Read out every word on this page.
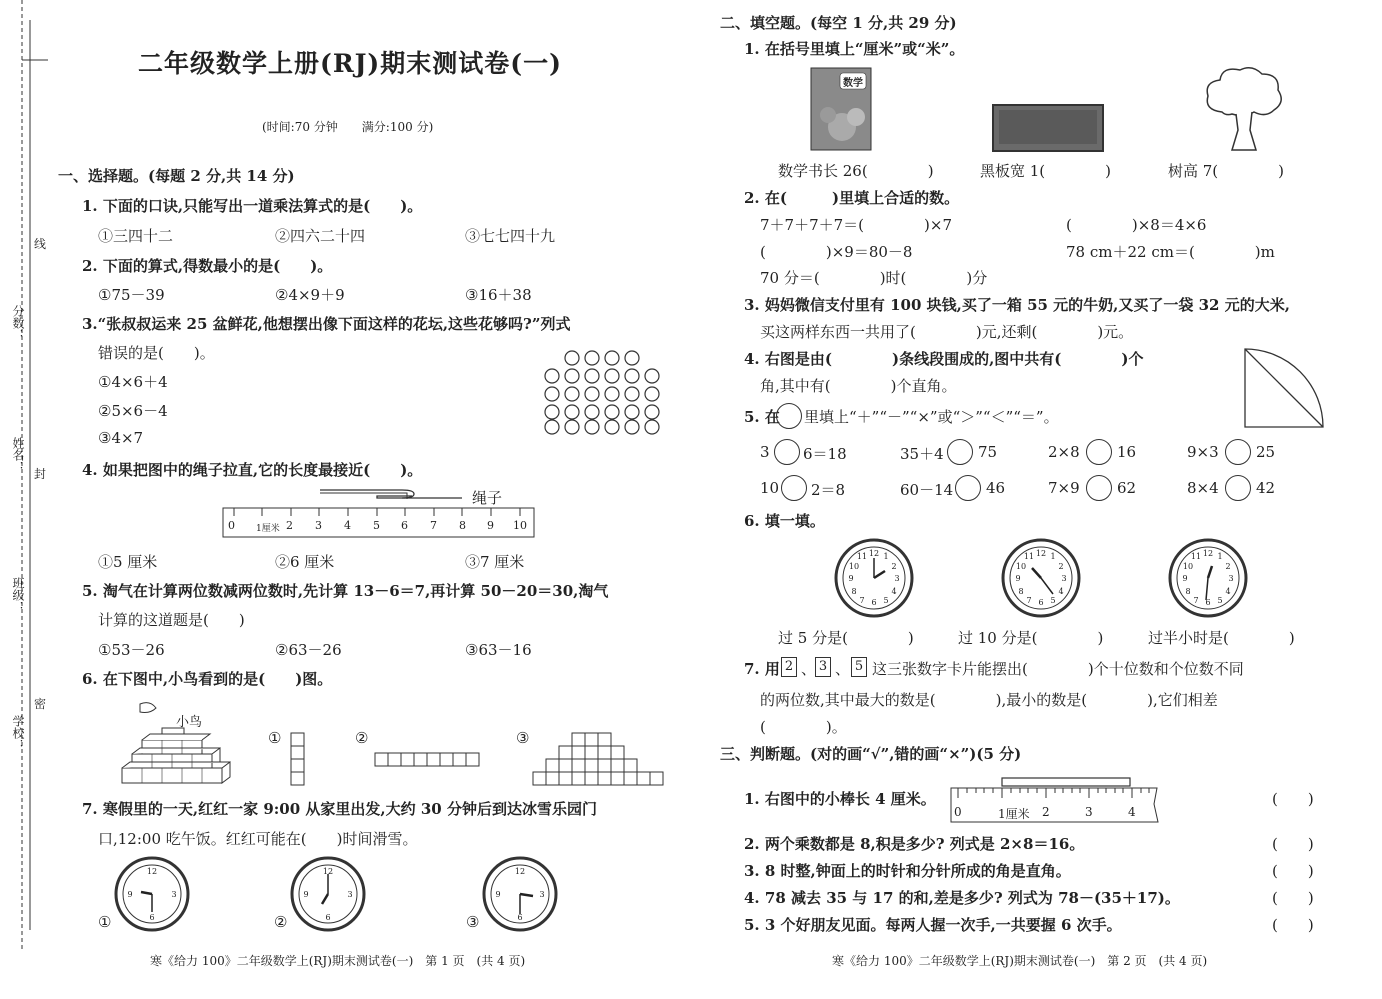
分数：
线
姓名：
封
班级：
密
学校：
二年级数学上册(RJ)期末测试卷(一)
(时间:70 分钟　　满分:100 分)
一、选择题。(每题 2 分,共 14 分)
1. 下面的口诀,只能写出一道乘法算式的是(　　)。
①三四十二	②四六二十四	③七七四十九
2. 下面的算式,得数最小的是(　　)。
①75－39	②4×9＋9	③16＋38
3.“张叔叔运来 25 盆鲜花,他想摆出像下面这样的花坛,这些花够吗?”列式
错误的是(　　)。
①4×6＋4
②5×6－4
③4×7
4. 如果把图中的绳子拉直,它的长度最接近(　　)。
绳子
0 1厘米 2 3 4 5 6 7 8 9 10
①5 厘米	②6 厘米	③7 厘米
5. 淘气在计算两位数减两位数时,先计算 13－6＝7,再计算 50－20＝30,淘气
计算的这道题是(　　)
①53－26	②63－26	③63－16
6. 在下图中,小鸟看到的是(　　)图。
小鸟
①	②	③
7. 寒假里的一天,红红一家 9:00 从家里出发,大约 30 分钟后到达冰雪乐园门
口,12:00 吃午饭。红红可能在(　　)时间滑雪。
①
12
3
6
9
②
12
3
6
9
③
12
3
6
9
寒《给力 100》二年级数学上(RJ)期末测试卷(一)　第 1 页　(共 4 页)
二、填空题。(每空 1 分,共 29 分)
1. 在括号里填上“厘米”或“米”。
数学
数学书长 26(　　　　)	黑板宽 1(　　　　)	树高 7(　　　　)
2. 在(　　　)里填上合适的数。
7＋7＋7＋7＝(　　　　)×7	(　　　　)×8＝4×6
(　　　　)×9＝80－8	78 cm＋22 cm＝(　　　　)m
70 分＝(　　　　)时(　　　　)分
3. 妈妈微信支付里有 100 块钱,买了一箱 55 元的牛奶,又买了一袋 32 元的大米,
买这两样东西一共用了(　　　　)元,还剩(　　　　)元。
4. 右图是由(　　　　)条线段围成的,图中共有(　　　　)个
角,其中有(　　　　)个直角。
5. 在 里填上“＋”“－”“×”或“＞”“＜”“＝”。
3 6＝18	35＋4 75	2×8 16	9×3 25
10 2＝8	60－14 46	7×9 62	8×4 42
6. 填一填。
12
3
6
9
1
2
4
5
7
8
10
11	12
3
6
9
1
2
4
5
7
8
10
11	12
3
6
9
1
2
4
5
7
8
10
11
过 5 分是(　　　　)	过 10 分是(　　　　)	过半小时是(　　　　)
7. 用 2 、 3 、 5 这三张数字卡片能摆出(　　　　)个十位数和个位数不同
的两位数,其中最大的数是(　　　　),最小的数是(　　　　),它们相差
(　　　　)。
三、判断题。(对的画“√”,错的画“×”)(5 分)
1. 右图中的小棒长 4 厘米。
0	1厘米 2	3	4
(　　)
2. 两个乘数都是 8,积是多少? 列式是 2×8＝16。	(　　)
3. 8 时整,钟面上的时针和分针所成的角是直角。	(　　)
4. 78 减去 35 与 17 的和,差是多少? 列式为 78－(35＋17)。	(　　)
5. 3 个好朋友见面。每两人握一次手,一共要握 6 次手。	(　　)
寒《给力 100》二年级数学上(RJ)期末测试卷(一)　第 2 页　(共 4 页)
